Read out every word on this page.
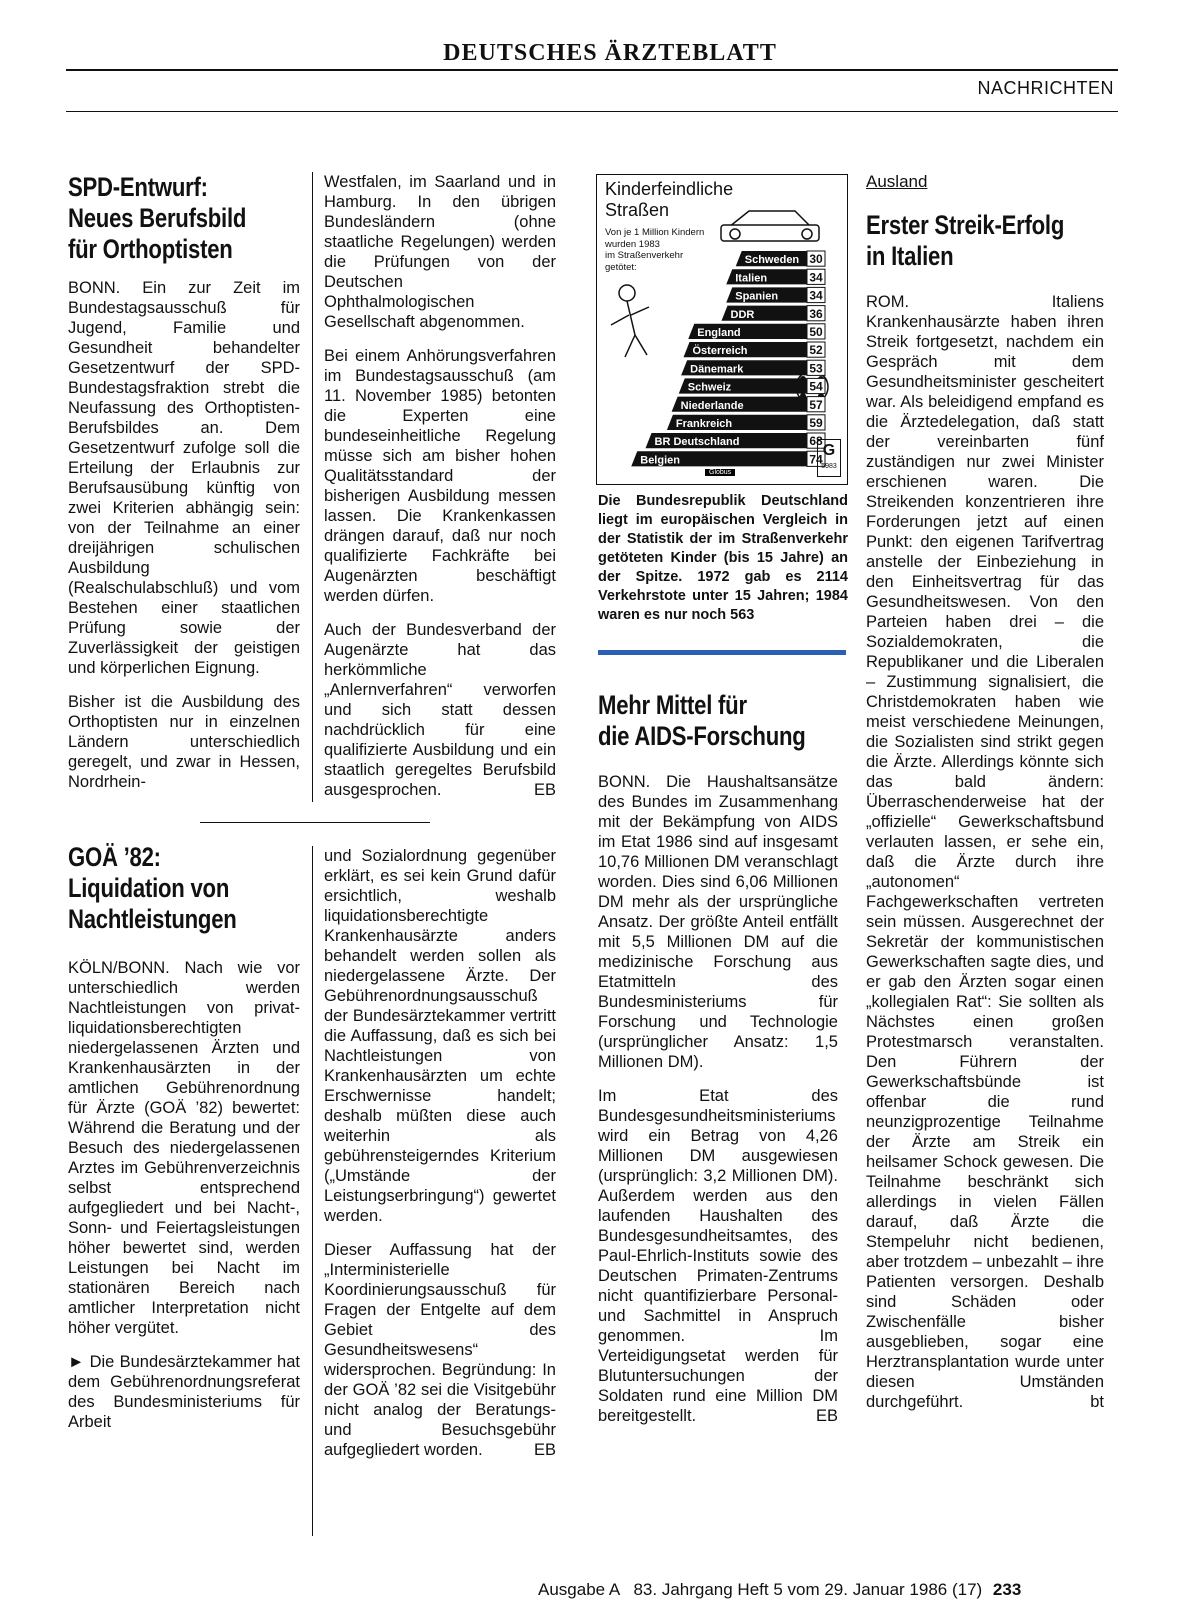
DEUTSCHES ÄRZTEBLATT
NACHRICHTEN
SPD-Entwurf:
Neues Berufsbild
für Orthoptisten

BONN. Ein zur Zeit im Bundestagsausschuß für Jugend, Familie und Gesundheit behandelter Gesetzentwurf der SPD-Bundestagsfraktion strebt die Neufassung des Orthoptisten-Berufsbildes an. Dem Gesetzentwurf zufolge soll die Erteilung der Erlaubnis zur Berufsausübung künftig von zwei Kriterien abhängig sein: von der Teilnahme an einer dreijährigen schulischen Ausbildung (Realschulabschluß) und vom Bestehen einer staatlichen Prüfung sowie der Zuverlässigkeit der geistigen und körperlichen Eignung.

Bisher ist die Ausbildung des Orthoptisten nur in einzelnen Ländern unterschiedlich geregelt, und zwar in Hessen, Nordrhein-

Westfalen, im Saarland und in Hamburg. In den übrigen Bundesländern (ohne staatliche Regelungen) werden die Prüfungen von der Deutschen Ophthalmologischen Gesellschaft abgenommen.

Bei einem Anhörungsverfahren im Bundestagsausschuß (am 11. November 1985) betonten die Experten eine bundeseinheitliche Regelung müsse sich am bisher hohen Qualitätsstandard der bisherigen Ausbildung messen lassen. Die Krankenkassen drängen darauf, daß nur noch qualifizierte Fachkräfte bei Augenärzten beschäftigt werden dürfen.

Auch der Bundesverband der Augenärzte hat das herkömmliche „Anlernverfahren“ verworfen und sich statt dessen nachdrücklich für eine qualifizierte Ausbildung und ein staatlich geregeltes Berufsbild ausgesprochen.	EB

GOÄ ’82:
Liquidation von
Nachtleistungen

KÖLN/BONN. Nach wie vor unterschiedlich werden Nachtleistungen von privat-liquidationsberechtigten niedergelassenen Ärzten und Krankenhausärzten in der amtlichen Gebührenordnung für Ärzte (GOÄ ’82) bewertet: Während die Beratung und der Besuch des niedergelassenen Arztes im Gebührenverzeichnis selbst entsprechend aufgegliedert und bei Nacht-, Sonn- und Feiertagsleistungen höher bewertet sind, werden Leistungen bei Nacht im stationären Bereich nach amtlicher Interpretation nicht höher vergütet.

► Die Bundesärztekammer hat dem Gebührenordnungsreferat des Bundesministeriums für Arbeit

und Sozialordnung gegenüber erklärt, es sei kein Grund dafür ersichtlich, weshalb liquidationsberechtigte Krankenhausärzte anders behandelt werden sollen als niedergelassene Ärzte. Der Gebührenordnungsausschuß der Bundesärztekammer vertritt die Auffassung, daß es sich bei Nachtleistungen von Krankenhausärzten um echte Erschwernisse handelt; deshalb müßten diese auch weiterhin als gebührensteigerndes Kriterium („Umstände der Leistungserbringung“) gewertet werden.

Dieser Auffassung hat der „Interministerielle Koordinierungsausschuß für Fragen der Entgelte auf dem Gebiet des Gesundheitswesens“ widersprochen. Begründung: In der GOÄ ’82 sei die Visitgebühr nicht analog der Beratungs- und Besuchsgebühr aufgegliedert worden.	EB

Schweden 30
Italien	34
Spanien	34
DDR	36
England	50
Österreich	52
Dänemark	53
Schweiz	54
Niederlande	57
Frankreich	59
BR Deutschland	68
Belgien	74
Kinderfeindliche
Straßen
Von je 1 Million Kindern
wurden 1983
im Straßenverkehr
getötet:
G
5983
Globus
Die Bundesrepublik Deutschland liegt im europäischen Vergleich in der Statistik der im Straßenverkehr getöteten Kinder (bis 15 Jahre) an der Spitze. 1972 gab es 2114 Verkehrstote unter 15 Jahren; 1984 waren es nur noch 563
Mehr Mittel für
die AIDS-Forschung

BONN. Die Haushaltsansätze des Bundes im Zusammenhang mit der Bekämpfung von AIDS im Etat 1986 sind auf insgesamt 10,76 Millionen DM veranschlagt worden. Dies sind 6,06 Millionen DM mehr als der ursprüngliche Ansatz. Der größte Anteil entfällt mit 5,5 Millionen DM auf die medizinische Forschung aus Etatmitteln des Bundesministeriums für Forschung und Technologie (ursprünglicher Ansatz: 1,5 Millionen DM).

Im Etat des Bundesgesundheitsministeriums wird ein Betrag von 4,26 Millionen DM ausgewiesen (ursprünglich: 3,2 Millionen DM). Außerdem werden aus den laufenden Haushalten des Bundesgesundheitsamtes, des Paul-Ehrlich-Instituts sowie des Deutschen Primaten-Zentrums nicht quantifizierbare Personal- und Sachmittel in Anspruch genommen. Im Verteidigungsetat werden für Blutuntersuchungen der Soldaten rund eine Million DM bereitgestellt.	EB

Ausland
Erster Streik-Erfolg
in Italien

ROM. Italiens Krankenhausärzte haben ihren Streik fortgesetzt, nachdem ein Gespräch mit dem Gesundheitsminister gescheitert war. Als beleidigend empfand es die Ärztedelegation, daß statt der vereinbarten fünf zuständigen nur zwei Minister erschienen waren. Die Streikenden konzentrieren ihre Forderungen jetzt auf einen Punkt: den eigenen Tarifvertrag anstelle der Einbeziehung in den Einheitsvertrag für das Gesundheitswesen. Von den Parteien haben drei – die Sozialdemokraten, die Republikaner und die Liberalen – Zustimmung signalisiert, die Christdemokraten haben wie meist verschiedene Meinungen, die Sozialisten sind strikt gegen die Ärzte. Allerdings könnte sich das bald ändern: Überraschenderweise hat der „offizielle“ Gewerkschaftsbund verlauten lassen, er sehe ein, daß die Ärzte durch ihre „autonomen“ Fachgewerkschaften vertreten sein müssen. Ausgerechnet der Sekretär der kommunistischen Gewerkschaften sagte dies, und er gab den Ärzten sogar einen „kollegialen Rat“: Sie sollten als Nächstes einen großen Protestmarsch veranstalten. Den Führern der Gewerkschaftsbünde ist offenbar die rund neunzigprozentige Teilnahme der Ärzte am Streik ein heilsamer Schock gewesen. Die Teilnahme beschränkt sich allerdings in vielen Fällen darauf, daß Ärzte die Stempeluhr nicht bedienen, aber trotzdem – unbezahlt – ihre Patienten versorgen. Deshalb sind Schäden oder Zwischenfälle bisher ausgeblieben, sogar eine Herztransplantation wurde unter diesen Umständen durchgeführt.	bt

Ausgabe A   83. Jahrgang Heft 5 vom 29. Januar 1986 (17) 233
